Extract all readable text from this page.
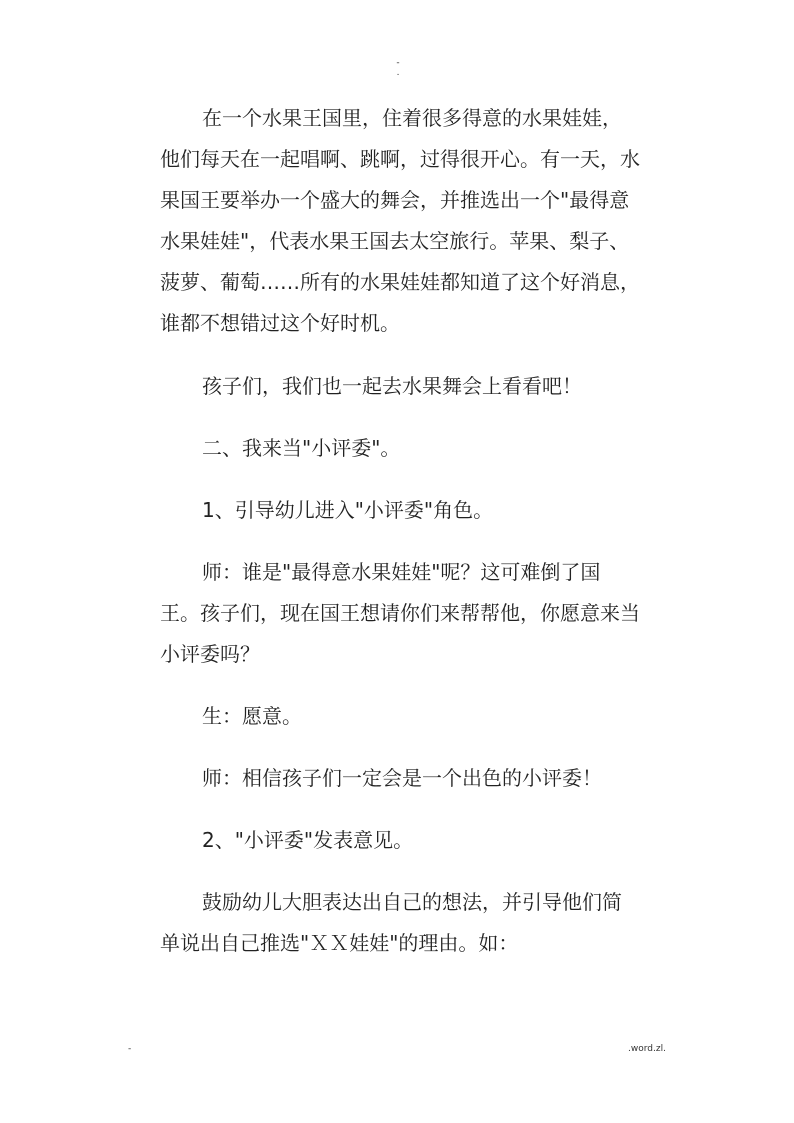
-
.

在一个水果王国里，住着很多得意的水果娃娃，他们每天在一起唱啊、跳啊，过得很开心。有一天，水果国王要举办一个盛大的舞会，并推选出一个"最得意水果娃娃"，代表水果王国去太空旅行。苹果、梨子、菠萝、葡萄……所有的水果娃娃都知道了这个好消息，谁都不想错过这个好时机。

孩子们，我们也一起去水果舞会上看看吧！

二、我来当"小评委"。

1、引导幼儿进入"小评委"角色。

师：谁是"最得意水果娃娃"呢？这可难倒了国王。孩子们，现在国王想请你们来帮帮他，你愿意来当小评委吗？

生：愿意。

师：相信孩子们一定会是一个出色的小评委！

2、"小评委"发表意见。

鼓励幼儿大胆表达出自己的想法，并引导他们简单说出自己推选"ＸＸ娃娃"的理由。如：

-	.word.zl.
